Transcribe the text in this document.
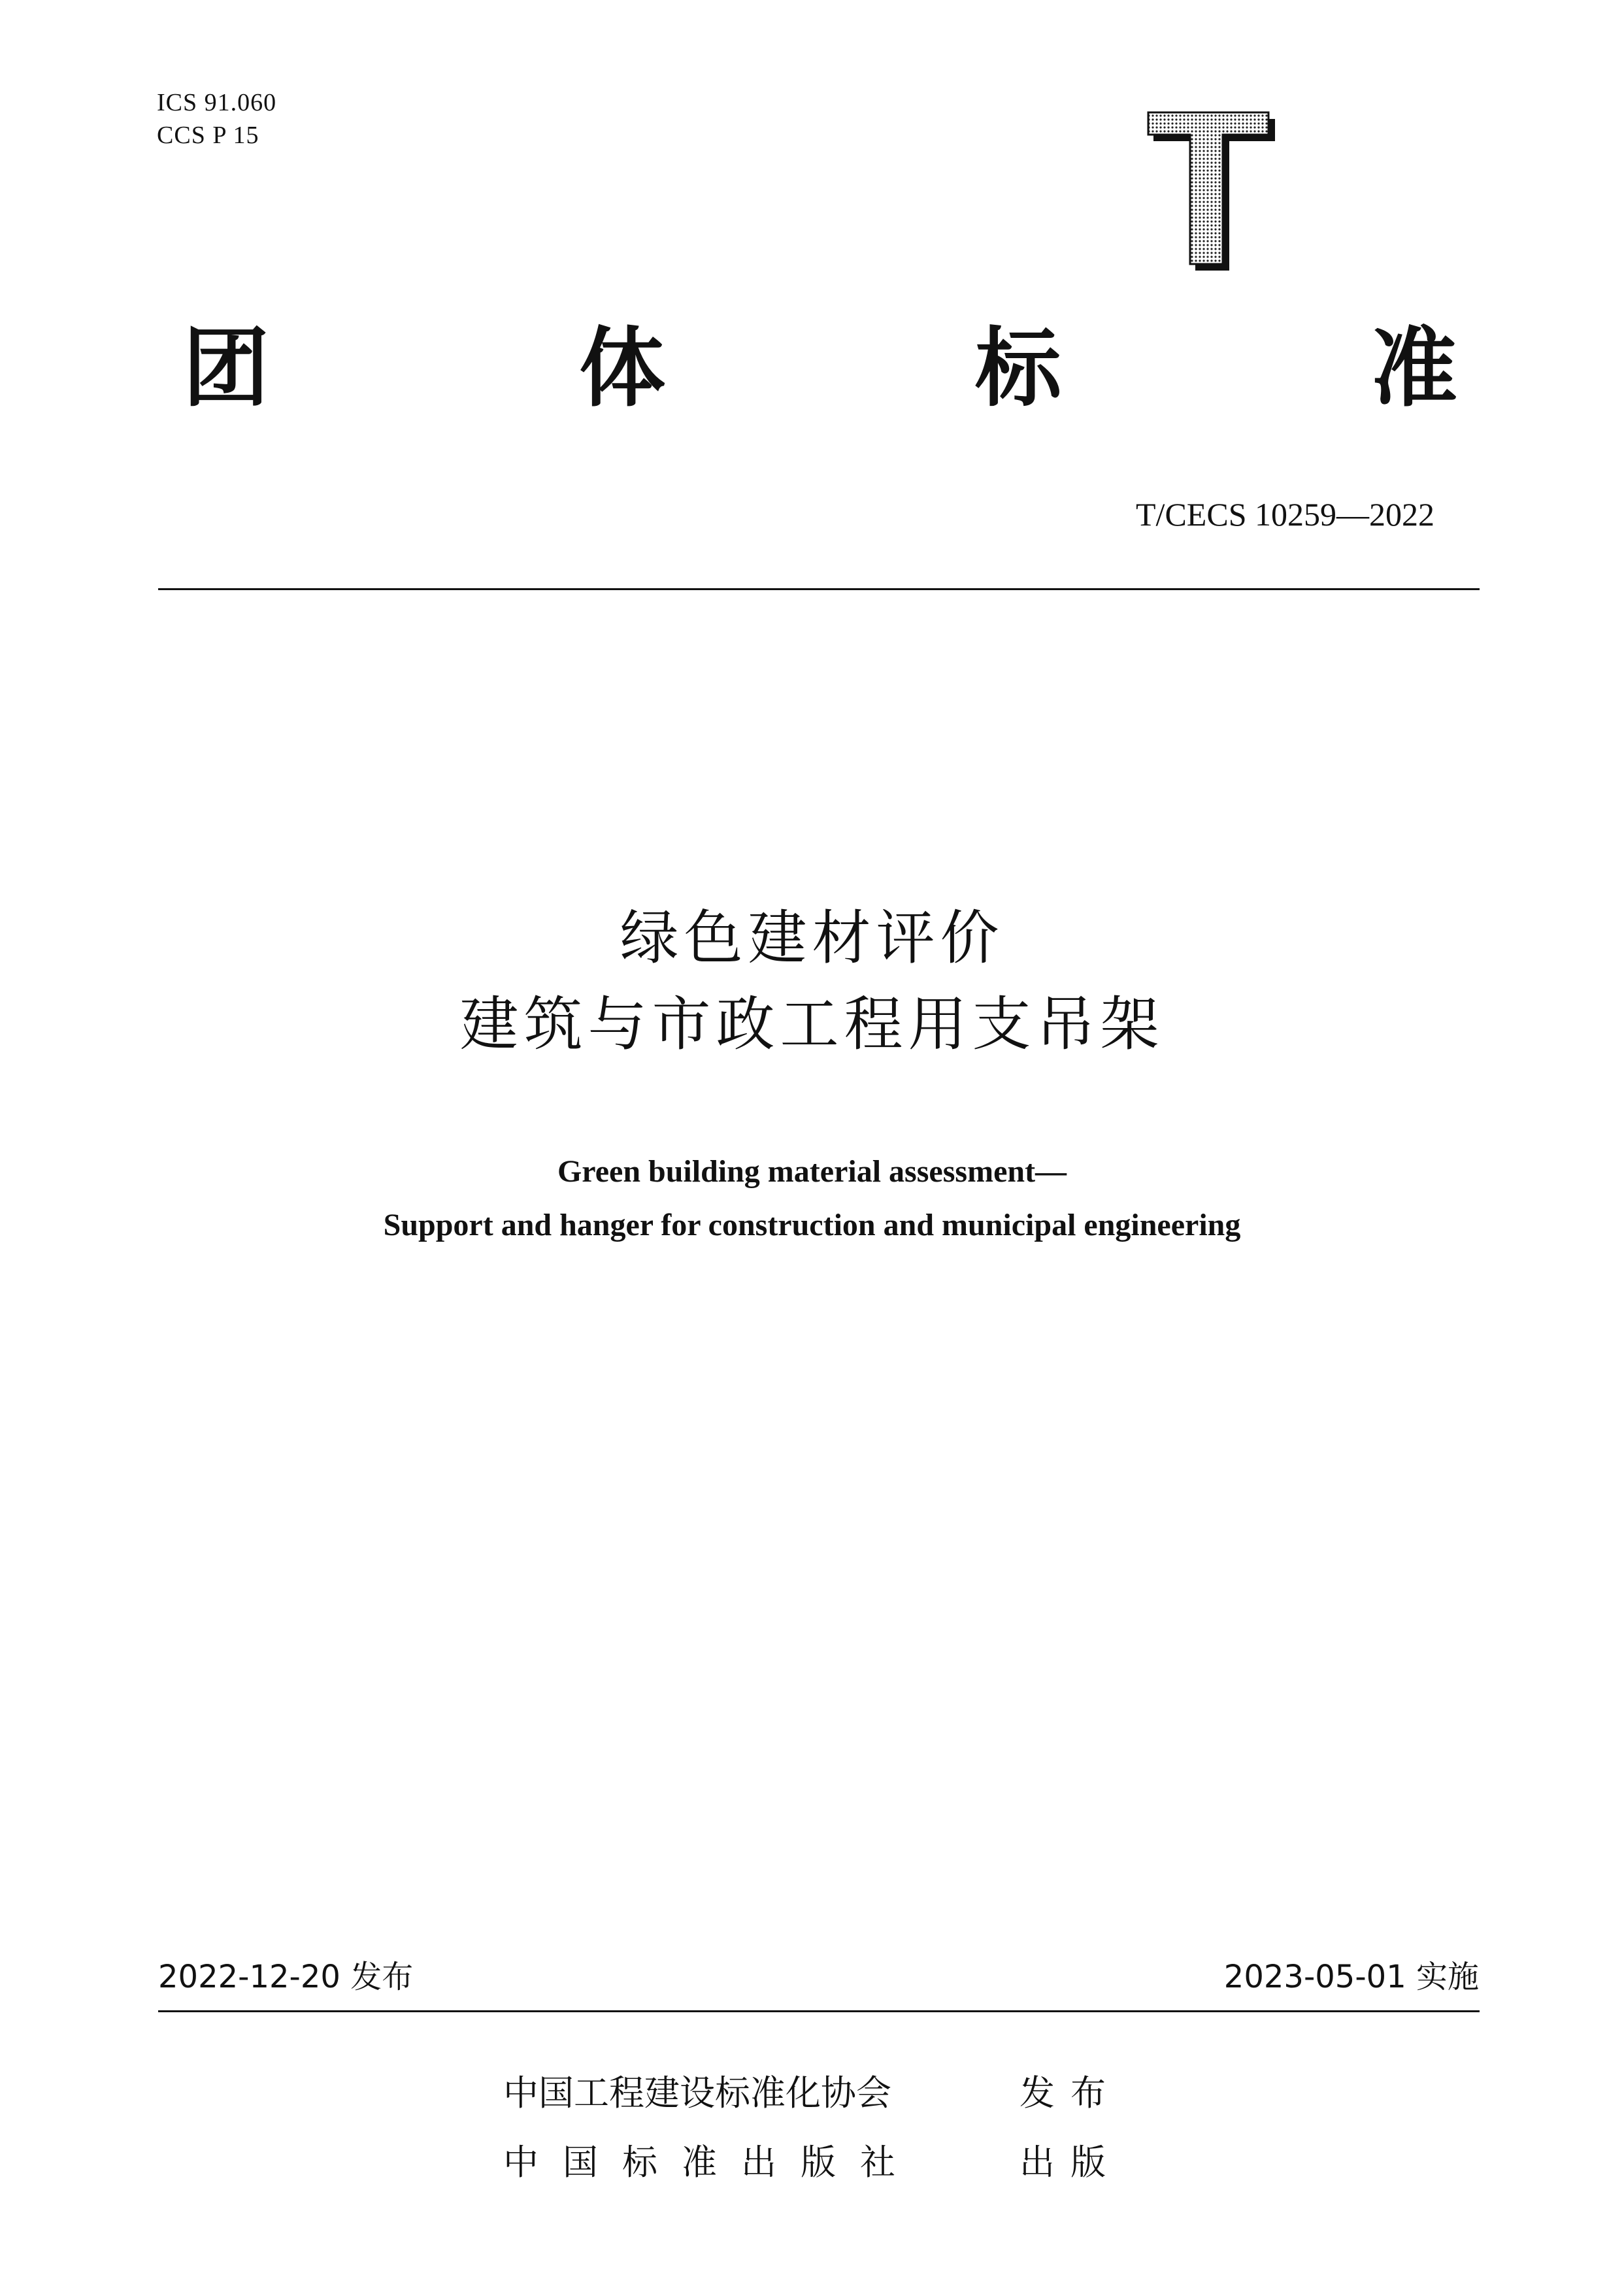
ICS 91.060
CCS P 15
团	体	标	准
T/CECS 10259—2022
绿色建材评价
建筑与市政工程用支吊架
Green building material assessment—
Support and hanger for construction and municipal engineering
2022-12-20 发布	2023-05-01 实施
中国工程建设标准化协会	发布
中国标准出版社	出版
